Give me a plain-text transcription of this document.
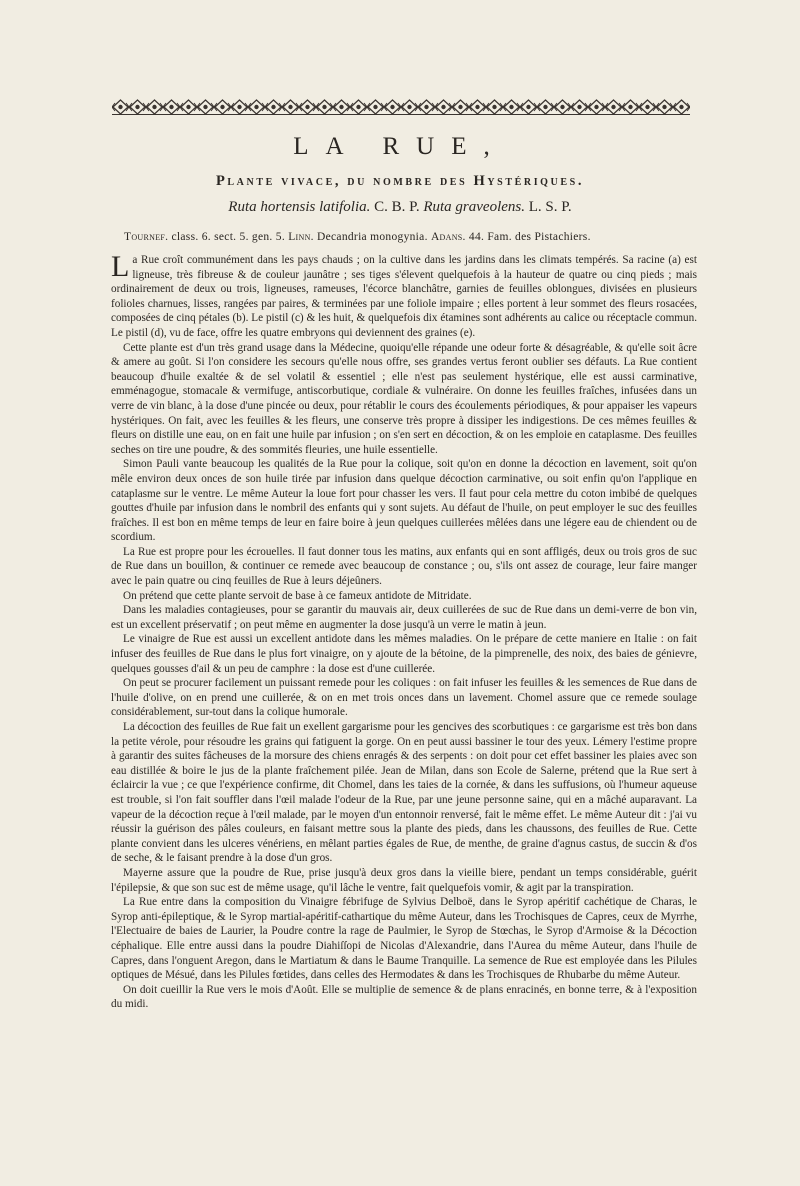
LA RUE,
Plante vivace, du nombre des Hystériques.
Ruta hortensis latifolia. C. B. P. Ruta graveolens. L. S. P.
Tournef. class. 6. sect. 5. gen. 5. Linn. Decandria monogynia. Adans. 44. Fam. des Pistachiers.

La Rue croît communément dans les pays chauds ; on la cultive dans les jardins dans les climats tempérés. Sa racine (a) est ligneuse, très fibreuse & de couleur jaunâtre ; ses tiges s'élevent quelquefois à la hauteur de quatre ou cinq pieds ; mais ordinairement de deux ou trois, ligneuses, rameuses, l'écorce blanchâtre, garnies de feuilles oblongues, divisées en plusieurs folioles charnues, lisses, rangées par paires, & terminées par une foliole impaire ; elles portent à leur sommet des fleurs rosacées, composées de cinq pétales (b). Le pistil (c) & les huit, & quelquefois dix étamines sont adhérents au calice ou réceptacle commun. Le pistil (d), vu de face, offre les quatre embryons qui deviennent des graines (e).

Cette plante est d'un très grand usage dans la Médecine, quoiqu'elle répande une odeur forte & désagréable, & qu'elle soit âcre & amere au goût. Si l'on considere les secours qu'elle nous offre, ses grandes vertus feront oublier ses défauts. La Rue contient beaucoup d'huile exaltée & de sel volatil & essentiel ; elle n'est pas seulement hystérique, elle est aussi carminative, emménagogue, stomacale & vermifuge, antiscorbutique, cordiale & vulnéraire. On donne les feuilles fraîches, infusées dans un verre de vin blanc, à la dose d'une pincée ou deux, pour rétablir le cours des écoulements périodiques, & pour appaiser les vapeurs hystériques. On fait, avec les feuilles & les fleurs, une conserve très propre à dissiper les indigestions. De ces mêmes feuilles & fleurs on distille une eau, on en fait une huile par infusion ; on s'en sert en décoction, & on les emploie en cataplasme. Des feuilles seches on tire une poudre, & des sommités fleuries, une huile essentielle.

Simon Pauli vante beaucoup les qualités de la Rue pour la colique, soit qu'on en donne la décoction en lavement, soit qu'on mêle environ deux onces de son huile tirée par infusion dans quelque décoction carminative, ou soit enfin qu'on l'applique en cataplasme sur le ventre. Le même Auteur la loue fort pour chasser les vers. Il faut pour cela mettre du coton imbibé de quelques gouttes d'huile par infusion dans le nombril des enfants qui y sont sujets. Au défaut de l'huile, on peut employer le suc des feuilles fraîches. Il est bon en même temps de leur en faire boire à jeun quelques cuillerées mêlées dans une légere eau de chiendent ou de scordium.

La Rue est propre pour les écrouelles. Il faut donner tous les matins, aux enfants qui en sont affligés, deux ou trois gros de suc de Rue dans un bouillon, & continuer ce remede avec beaucoup de constance ; ou, s'ils ont assez de courage, leur faire manger avec le pain quatre ou cinq feuilles de Rue à leurs déjeûners.

On prétend que cette plante servoit de base à ce fameux antidote de Mitridate.

Dans les maladies contagieuses, pour se garantir du mauvais air, deux cuillerées de suc de Rue dans un demi-verre de bon vin, est un excellent préservatif ; on peut même en augmenter la dose jusqu'à un verre le matin à jeun.

Le vinaigre de Rue est aussi un excellent antidote dans les mêmes maladies. On le prépare de cette maniere en Italie : on fait infuser des feuilles de Rue dans le plus fort vinaigre, on y ajoute de la bétoine, de la pimprenelle, des noix, des baies de génievre, quelques gousses d'ail & un peu de camphre : la dose est d'une cuillerée.

On peut se procurer facilement un puissant remede pour les coliques : on fait infuser les feuilles & les semences de Rue dans de l'huile d'olive, on en prend une cuillerée, & on en met trois onces dans un lavement. Chomel assure que ce remede soulage considérablement, sur-tout dans la colique humorale.

La décoction des feuilles de Rue fait un exellent gargarisme pour les gencives des scorbutiques : ce gargarisme est très bon dans la petite vérole, pour résoudre les grains qui fatiguent la gorge. On en peut aussi bassiner le tour des yeux. Lémery l'estime propre à garantir des suites fâcheuses de la morsure des chiens enragés & des serpents : on doit pour cet effet bassiner les plaies avec son eau distillée & boire le jus de la plante fraîchement pilée. Jean de Milan, dans son Ecole de Salerne, prétend que la Rue sert à éclaircir la vue ; ce que l'expérience confirme, dit Chomel, dans les taies de la cornée, & dans les suffusions, où l'humeur aqueuse est trouble, si l'on fait souffler dans l'œil malade l'odeur de la Rue, par une jeune personne saine, qui en a mâché auparavant. La vapeur de la décoction reçue à l'œil malade, par le moyen d'un entonnoir renversé, fait le même effet. Le même Auteur dit : j'ai vu réussir la guérison des pâles couleurs, en faisant mettre sous la plante des pieds, dans les chaussons, des feuilles de Rue. Cette plante convient dans les ulceres vénériens, en mêlant parties égales de Rue, de menthe, de graine d'agnus castus, de succin & d'os de seche, & le faisant prendre à la dose d'un gros.

Mayerne assure que la poudre de Rue, prise jusqu'à deux gros dans la vieille biere, pendant un temps considérable, guérit l'épilepsie, & que son suc est de même usage, qu'il lâche le ventre, fait quelquefois vomir, & agit par la transpiration.

La Rue entre dans la composition du Vinaigre fébrifuge de Sylvius Delboë, dans le Syrop apéritif cachétique de Charas, le Syrop anti-épileptique, & le Syrop martial-apéritif-cathartique du même Auteur, dans les Trochisques de Capres, ceux de Myrrhe, l'Electuaire de baies de Laurier, la Poudre contre la rage de Paulmier, le Syrop de Stœchas, le Syrop d'Armoise & la Décoction céphalique. Elle entre aussi dans la poudre Diahiſſopi de Nicolas d'Alexandrie, dans l'Aurea du même Auteur, dans l'huile de Capres, dans l'onguent Aregon, dans le Martiatum & dans le Baume Tranquille. La semence de Rue est employée dans les Pilules optiques de Mésué, dans les Pilules fœtides, dans celles des Hermodates & dans les Trochisques de Rhubarbe du même Auteur.

On doit cueillir la Rue vers le mois d'Août. Elle se multiplie de semence & de plans enracinés, en bonne terre, & à l'exposition du midi.
